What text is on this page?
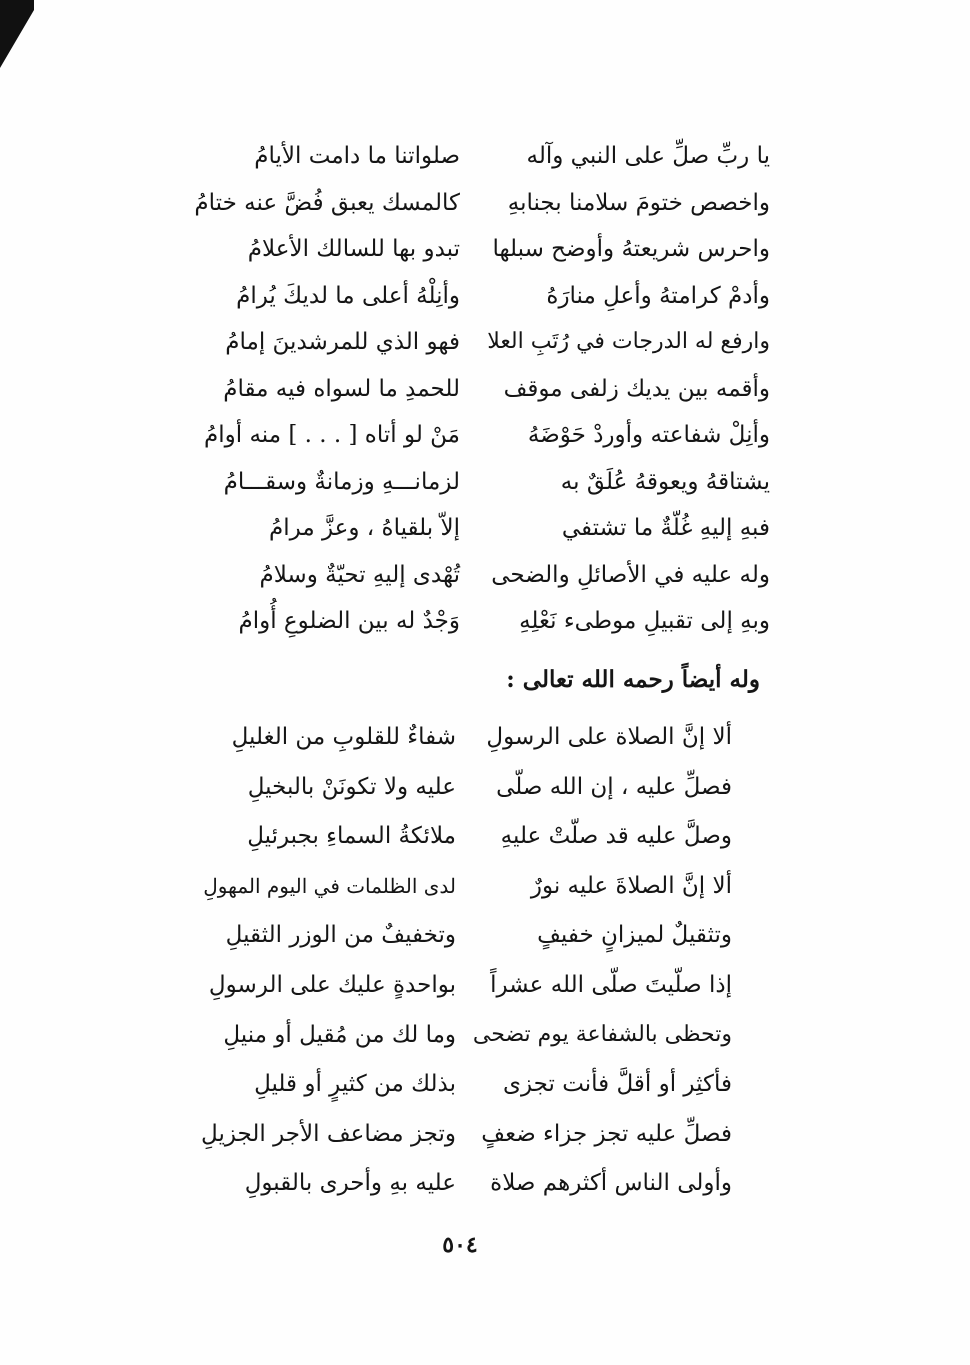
وله أيضاً رحمه الله تعالى :
٥٠٤
يا ربِّ صلِّ على النبي وآله
صلواتنا ما دامت الأيامُ
واخصص ختومَ سلامنا بجنابهِ
كالمسك يعبق فُضَّ عنه ختامُ
واحرس شريعتهُ وأوضح سبلها
تبدو بها للسالك الأعلامُ
وأدمْ كرامتهُ وأعلِ منارَهُ
وأنِلْهُ أعلى ما لديكَ يُرامُ
وارفع له الدرجات في رُتَبِ العلا
فهو الذي للمرشدينَ إمامُ
وأقمه بين يديك زلفى موقف
للحمدِ ما لسواه فيه مقامُ
وأنِلْ شفاعته وأوردْ حَوْضَهُ
مَنْ لو أتاه [ . . . ] منه أوامُ
يشتاقهُ ويعوقهُ عُلَقٌ به
لزمانـــهِ وزمانةٌ وسقـــامُ
فبهِ إليهِ غُلّةٌ ما تشتفي
إلاّ بلقياهُ ، وعزَّ مرامُ
وله عليه في الأصائلِ والضحى
تُهْدى إليهِ تحيّةٌ وسلامُ
وبهِ إلى تقبيلِ موطىء نَعْلِهِ
وَجْدٌ له بين الضلوعِ أُوامُ
ألا إنَّ الصلاة على الرسولِ
شفاءٌ للقلوبِ من الغليلِ
فصلِّ عليه ، إن الله صلّى
عليه ولا تكونَنْ بالبخيلِ
وصلَّ عليه قد صلّتْ عليهِ
ملائكةُ السماءِ بجبرئيلِ
ألا إنَّ الصلاةَ عليه نورٌ
لدى الظلمات في اليوم المهولِ
وتثقيلٌ لميزانٍ خفيفٍ
وتخفيفٌ من الوزر الثقيلِ
إذا صلّيتَ صلّى الله عشراً
بواحدةٍ عليك على الرسولِ
وتحظى بالشفاعة يوم تضحى
وما لك من مُقيل أو منيلِ
فأكثِر أو أقلَّ فأنت تجزى
بذلك من كثيرٍ أو قليلِ
فصلِّ عليه تجز جزاء ضعفٍ
وتجز مضاعف الأجر الجزيلِ
وأولى الناس أكثرهم صلاة
عليه بهِ وأحرى بالقبولِ
